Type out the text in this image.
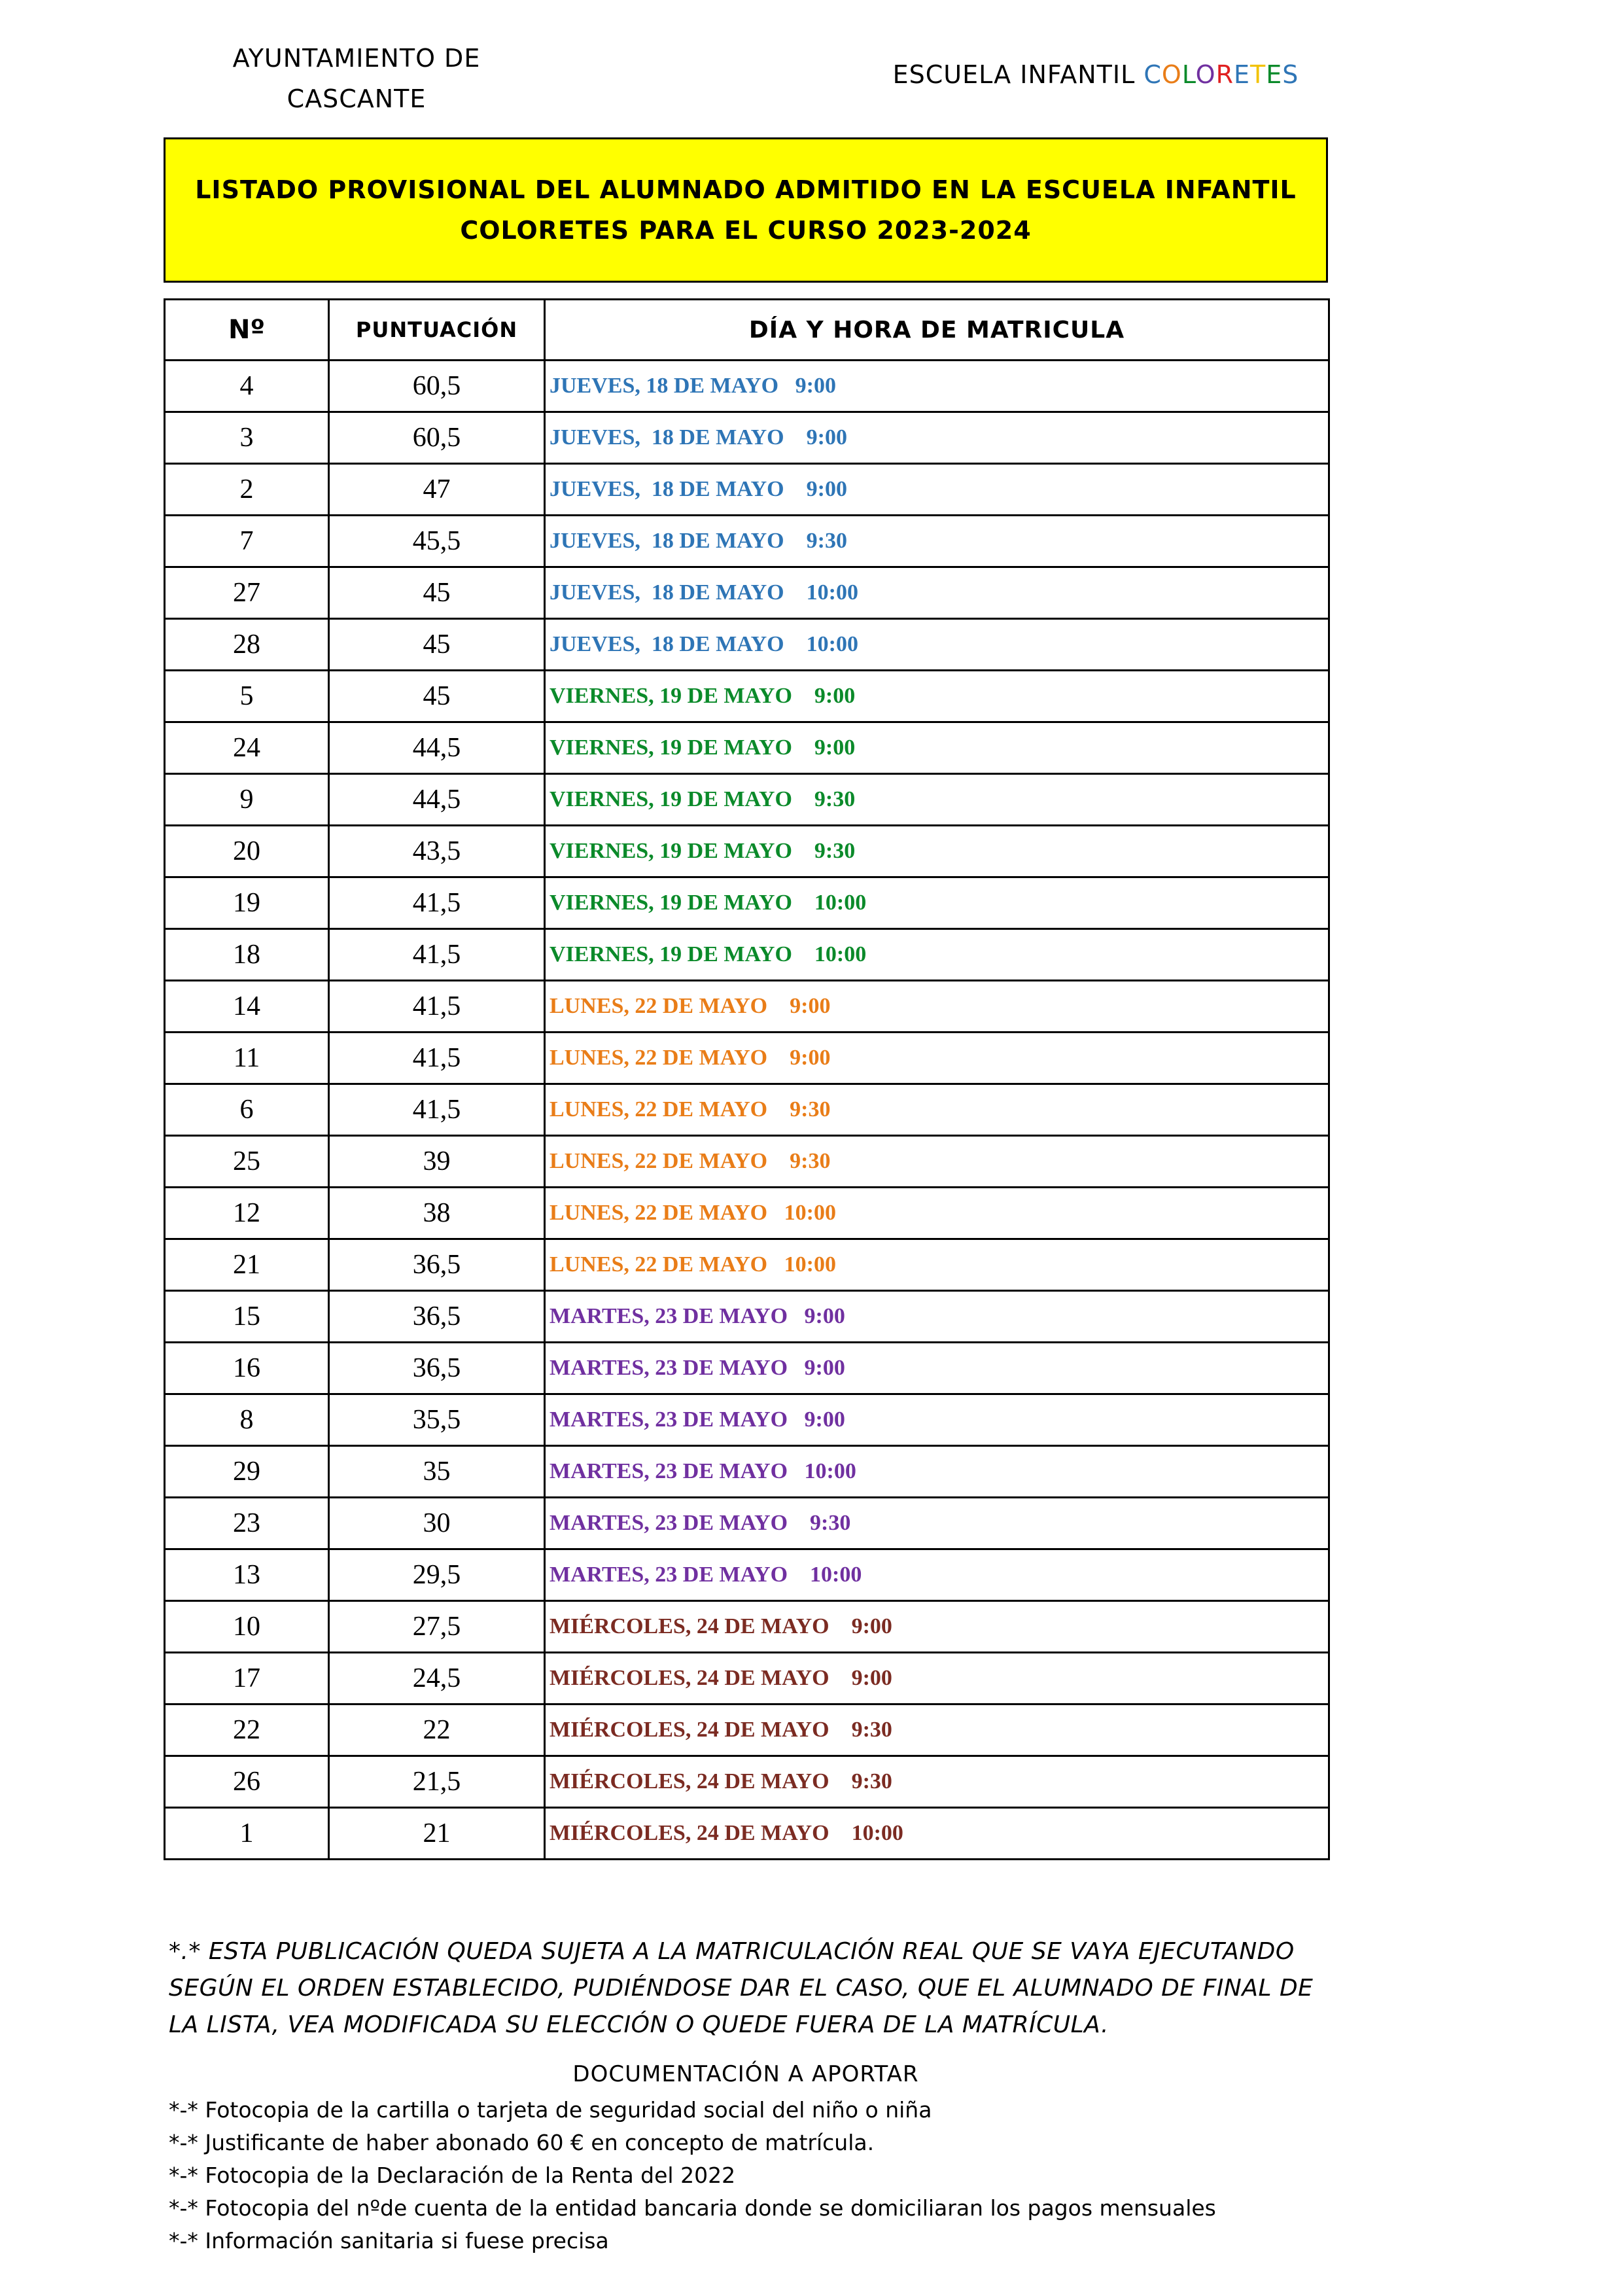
AYUNTAMIENTO DE
CASCANTE
ESCUELA INFANTIL COLORETES
LISTADO PROVISIONAL DEL ALUMNADO ADMITIDO EN LA ESCUELA INFANTIL
COLORETES PARA EL CURSO 2023-2024
Nº	PUNTUACIÓN	DÍA Y HORA DE MATRICULA
4	60,5	JUEVES, 18 DE MAYO   9:00
3	60,5	JUEVES,  18 DE MAYO    9:00
2	47	JUEVES,  18 DE MAYO    9:00
7	45,5	JUEVES,  18 DE MAYO    9:30
27	45	JUEVES,  18 DE MAYO    10:00
28	45	JUEVES,  18 DE MAYO    10:00
5	45	VIERNES, 19 DE MAYO    9:00
24	44,5	VIERNES, 19 DE MAYO    9:00
9	44,5	VIERNES, 19 DE MAYO    9:30
20	43,5	VIERNES, 19 DE MAYO    9:30
19	41,5	VIERNES, 19 DE MAYO    10:00
18	41,5	VIERNES, 19 DE MAYO    10:00
14	41,5	LUNES, 22 DE MAYO    9:00
11	41,5	LUNES, 22 DE MAYO    9:00
6	41,5	LUNES, 22 DE MAYO    9:30
25	39	LUNES, 22 DE MAYO    9:30
12	38	LUNES, 22 DE MAYO   10:00
21	36,5	LUNES, 22 DE MAYO   10:00
15	36,5	MARTES, 23 DE MAYO   9:00
16	36,5	MARTES, 23 DE MAYO   9:00
8	35,5	MARTES, 23 DE MAYO   9:00
29	35	MARTES, 23 DE MAYO   10:00
23	30	MARTES, 23 DE MAYO    9:30
13	29,5	MARTES, 23 DE MAYO    10:00
10	27,5	MIÉRCOLES, 24 DE MAYO    9:00
17	24,5	MIÉRCOLES, 24 DE MAYO    9:00
22	22	MIÉRCOLES, 24 DE MAYO    9:30
26	21,5	MIÉRCOLES, 24 DE MAYO    9:30
1	21	MIÉRCOLES, 24 DE MAYO    10:00
*.* ESTA PUBLICACIÓN QUEDA SUJETA A LA MATRICULACIÓN REAL QUE SE VAYA EJECUTANDO
SEGÚN EL ORDEN ESTABLECIDO, PUDIÉNDOSE DAR EL CASO, QUE EL ALUMNADO DE FINAL DE
LA LISTA, VEA MODIFICADA SU ELECCIÓN O QUEDE FUERA DE LA MATRÍCULA.
DOCUMENTACIÓN A APORTAR
*-* Fotocopia de la cartilla o tarjeta de seguridad social del niño o niña
*-* Justificante de haber abonado 60 € en concepto de matrícula.
*-* Fotocopia de la Declaración de la Renta del 2022
*-* Fotocopia del nºde cuenta de la entidad bancaria donde se domiciliaran los pagos mensuales
*-* Información sanitaria si fuese precisa
